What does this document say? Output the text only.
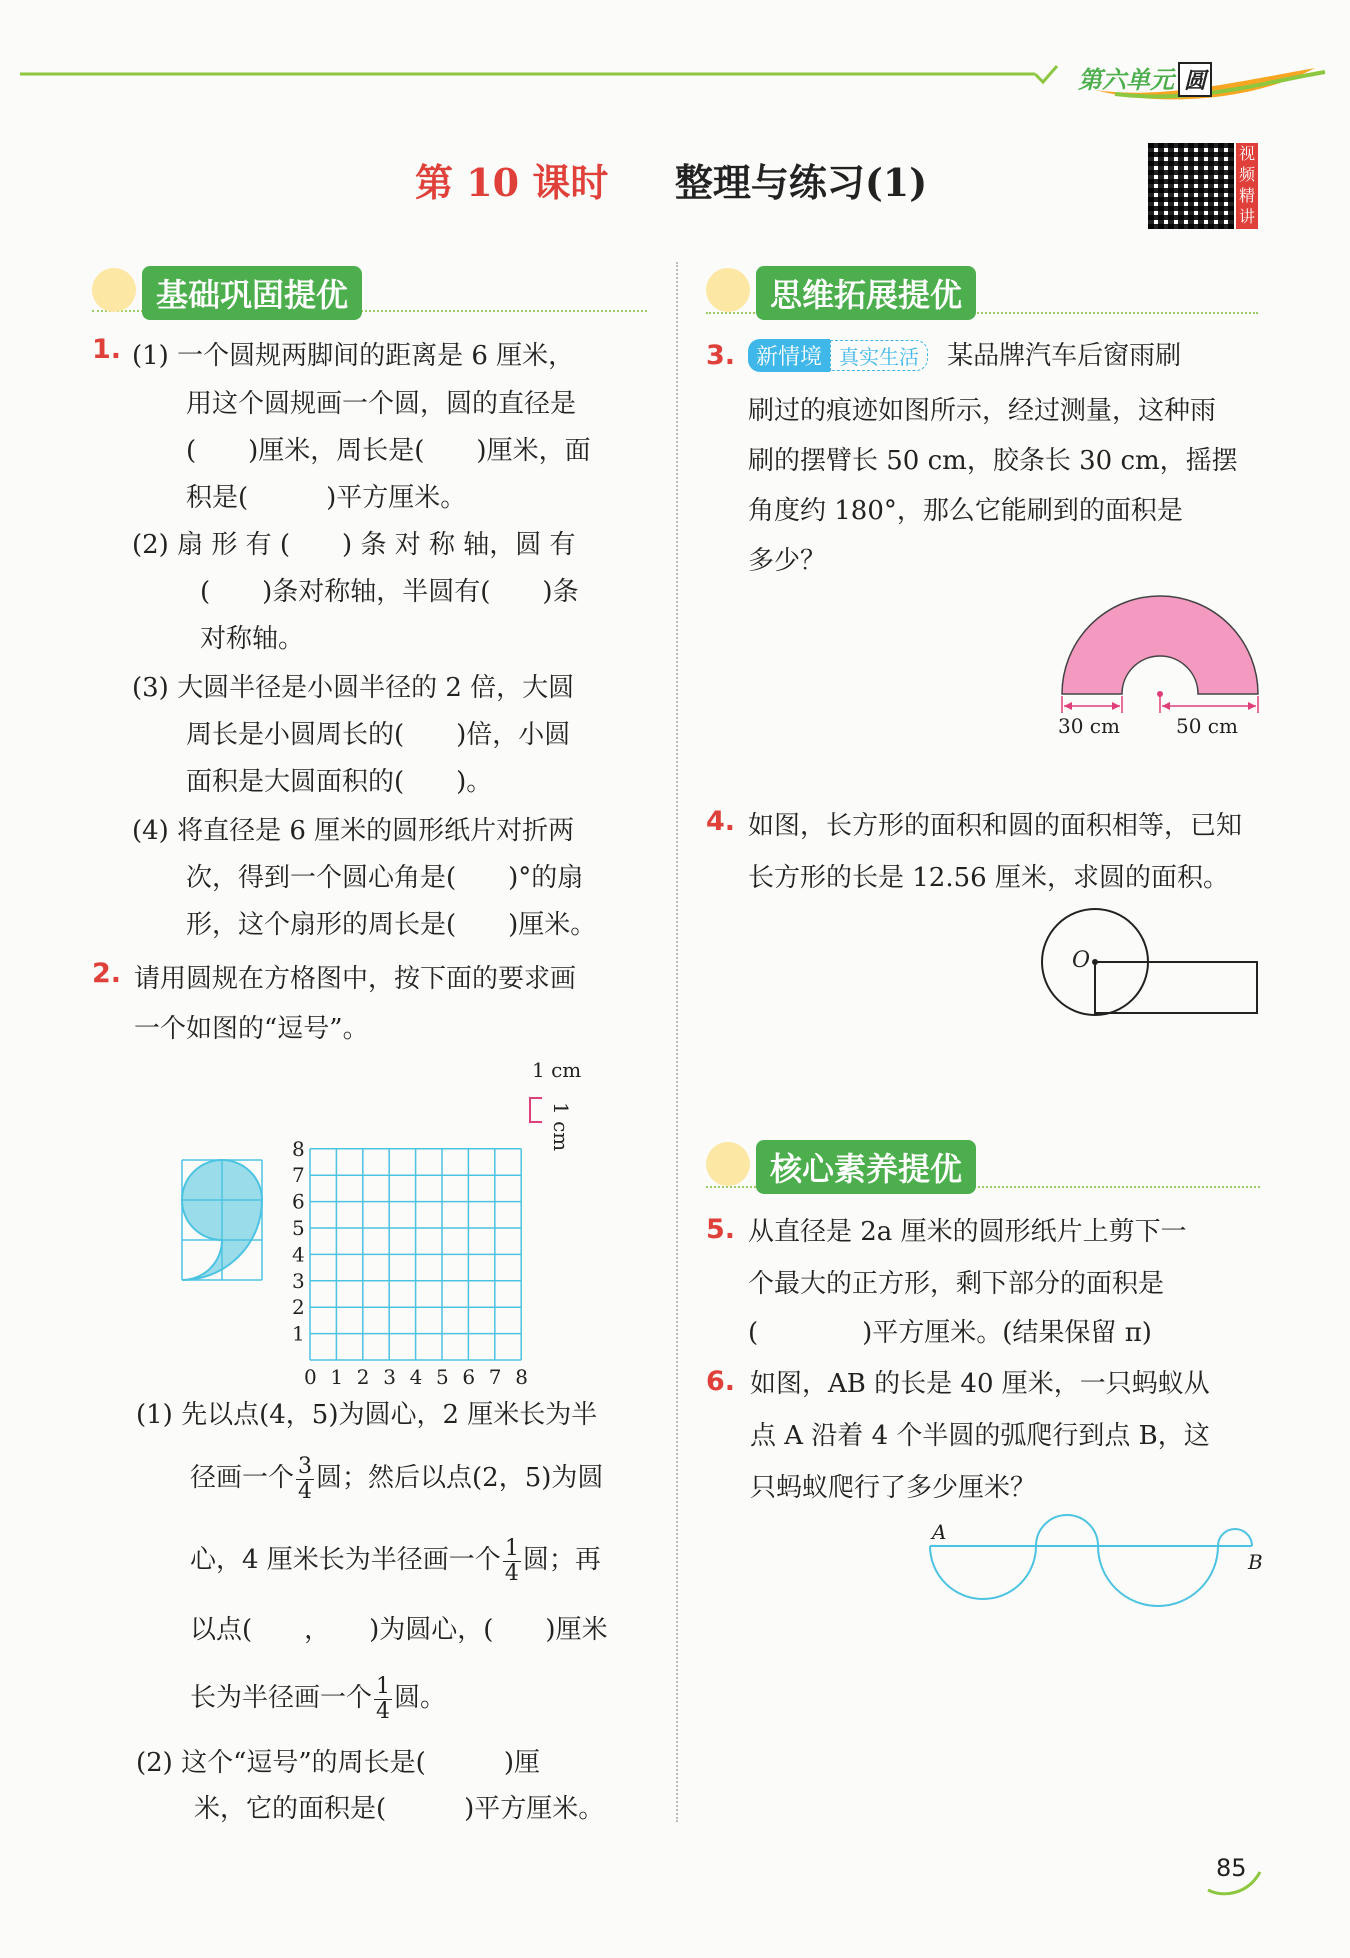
第六单元 圆
第 10 课时 整理与练习(1)
视
频
精
讲
基础巩固提优
1. (1) 一个圆规两脚间的距离是 6 厘米，
用这个圆规画一个圆，圆的直径是
(　　)厘米，周长是(　　)厘米，面
积是(　　　)平方厘米。
(2) 扇 形 有 (　　) 条 对 称 轴，圆 有
(　　)条对称轴，半圆有(　　)条
对称轴。
(3) 大圆半径是小圆半径的 2 倍，大圆
周长是小圆周长的(　　)倍，小圆
面积是大圆面积的(　　)。
(4) 将直径是 6 厘米的圆形纸片对折两
次，得到一个圆心角是(　　)°的扇
形，这个扇形的周长是(　　)厘米。
2. 请用圆规在方格图中，按下面的要求画
一个如图的“逗号”。
0 1 2 3 4 5 6 7 8
1
2
3
4
5
6
7
8
1 cm
1 cm
(1) 先以点(4，5)为圆心，2 厘米长为半
径画一个 $\frac{3}{4}$ 圆；然后以点(2，5)为圆
心，4 厘米长为半径画一个 $\frac{1}{4}$ 圆；再
以点(　　，　　)为圆心，(　　)厘米
长为半径画一个 $\frac{1}{4}$ 圆。
(2) 这个“逗号”的周长是(　　　)厘
米，它的面积是(　　　)平方厘米。
思维拓展提优
3. 新情境 真实生活 某品牌汽车后窗雨刷
刷过的痕迹如图所示，经过测量，这种雨
刷的摆臂长 50 cm，胶条长 30 cm，摇摆
角度约 180°，那么它能刷到的面积是
多少？
30 cm	50 cm
4. 如图，长方形的面积和圆的面积相等，已知
长方形的长是 12.56 厘米，求圆的面积。
O
核心素养提优
5. 从直径是 2a 厘米的圆形纸片上剪下一
个最大的正方形，剩下部分的面积是
(　　　　)平方厘米。(结果保留 π)
6. 如图，AB 的长是 40 厘米，一只蚂蚁从
点 A 沿着 4 个半圆的弧爬行到点 B，这
只蚂蚁爬行了多少厘米？
A
B
85
